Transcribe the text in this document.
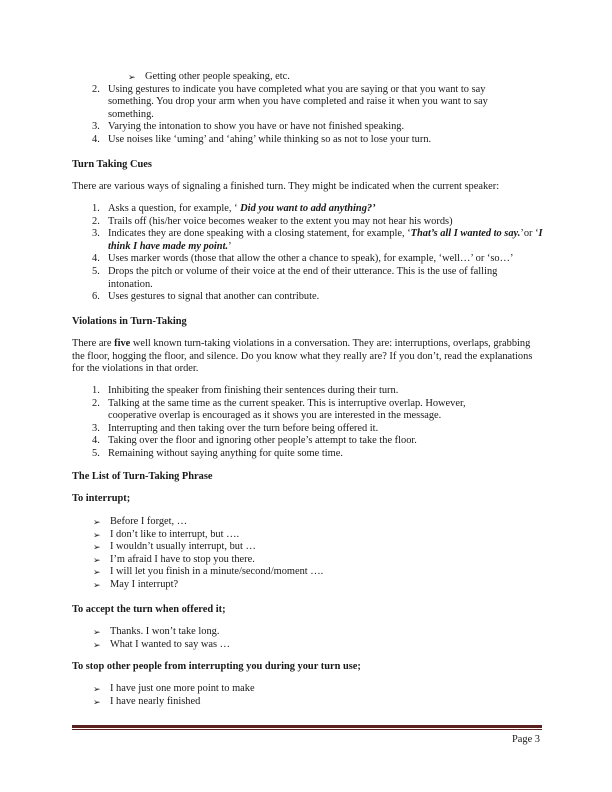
➢ Getting other people speaking, etc.
2. Using gestures to indicate you have completed what you are saying or that you want to say something. You drop your arm when you have completed and raise it when you want to say something.
3. Varying the intonation to show you have or have not finished speaking.
4. Use noises like ‘uming’ and ‘ahing’ while thinking so as not to lose your turn.
Turn Taking Cues
There are various ways of signaling a finished turn. They might be indicated when the current speaker:
1. Asks a question, for example, ‘ Did you want to add anything?’
2. Trails off (his/her voice becomes weaker to the extent you may not hear his words)
3. Indicates they are done speaking with a closing statement, for example, ‘That’s all I wanted to say.’or ‘I think I have made my point.’
4. Uses marker words (those that allow the other a chance to speak), for example, ‘well…’ or ‘so…’
5. Drops the pitch or volume of their voice at the end of their utterance. This is the use of falling intonation.
6. Uses gestures to signal that another can contribute.
Violations in Turn-Taking
There are five well known turn-taking violations in a conversation. They are: interruptions, overlaps, grabbing the floor, hogging the floor, and silence. Do you know what they really are? If you don’t, read the explanations for the violations in that order.
1. Inhibiting the speaker from finishing their sentences during their turn.
2. Talking at the same time as the current speaker. This is interruptive overlap. However, cooperative overlap is encouraged as it shows you are interested in the message.
3. Interrupting and then taking over the turn before being offered it.
4. Taking over the floor and ignoring other people’s attempt to take the floor.
5. Remaining without saying anything for quite some time.
The List of Turn-Taking Phrase
To interrupt;
➢ Before I forget, …
➢ I don’t like to interrupt, but ….
➢ I wouldn’t usually interrupt, but …
➢ I’m afraid I have to stop you there.
➢ I will let you finish in a minute/second/moment ….
➢ May I interrupt?
To accept the turn when offered it;
➢ Thanks. I won’t take long.
➢ What I wanted to say was …
To stop other people from interrupting you during your turn use;
➢ I have just one more point to make
➢ I have nearly finished
Page 3
